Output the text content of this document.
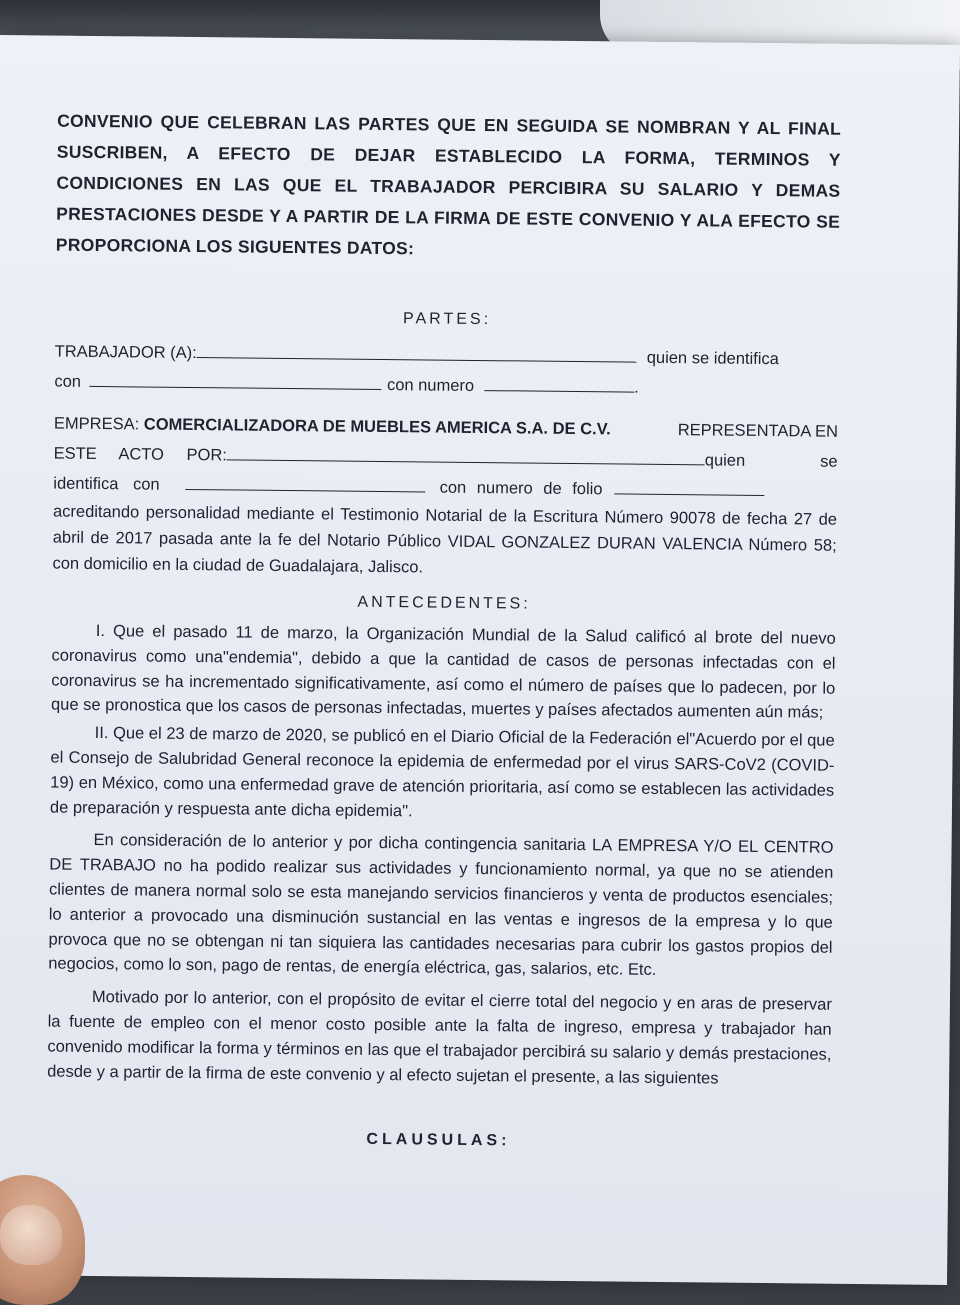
CONVENIO QUE CELEBRAN LAS PARTES QUE EN SEGUIDA SE NOMBRAN Y AL FINAL SUSCRIBEN, A EFECTO DE DEJAR ESTABLECIDO LA FORMA, TERMINOS Y CONDICIONES EN LAS QUE EL TRABAJADOR PERCIBIRA SU SALARIO Y DEMAS PRESTACIONES DESDE Y A PARTIR DE LA FIRMA DE ESTE CONVENIO Y ALA EFECTO SE PROPORCIONA LOS SIGUENTES DATOS:

PARTES:

TRABAJADOR (A):	quien se identifica
con	con numero	.
EMPRESA: COMERCIALIZADORA DE MUEBLES AMERICA S.A. DE C.V.	REPRESENTADA EN
ESTE ACTO POR:	quien	se
identifica con	con numero de folio

acreditando personalidad mediante el Testimonio Notarial de la Escritura Número 90078 de fecha 27 de abril de 2017 pasada ante la fe del Notario Público VIDAL GONZALEZ DURAN VALENCIA Número 58; con domicilio en la ciudad de Guadalajara, Jalisco.

ANTECEDENTES:

I. Que el pasado 11 de marzo, la Organización Mundial de la Salud calificó al brote del nuevo coronavirus como una"endemia", debido a que la cantidad de casos de personas infectadas con el coronavirus se ha incrementado significativamente, así como el número de países que lo padecen, por lo que se pronostica que los casos de personas infectadas, muertes y países afectados aumenten aún más;

II. Que el 23 de marzo de 2020, se publicó en el Diario Oficial de la Federación el"Acuerdo por el que el Consejo de Salubridad General reconoce la epidemia de enfermedad por el virus SARS-CoV2 (COVID-19) en México, como una enfermedad grave de atención prioritaria, así como se establecen las actividades de preparación y respuesta ante dicha epidemia".

En consideración de lo anterior y por dicha contingencia sanitaria LA EMPRESA Y/O EL CENTRO DE TRABAJO no ha podido realizar sus actividades y funcionamiento normal, ya que no se atienden clientes de manera normal solo se esta manejando servicios financieros y venta de productos esenciales; lo anterior a provocado una disminución sustancial en las ventas e ingresos de la empresa y lo que provoca que no se obtengan ni tan siquiera las cantidades necesarias para cubrir los gastos propios del negocios, como lo son, pago de rentas, de energía eléctrica, gas, salarios, etc. Etc.

Motivado por lo anterior, con el propósito de evitar el cierre total del negocio y en aras de preservar la fuente de empleo con el menor costo posible ante la falta de ingreso, empresa y trabajador han convenido modificar la forma y términos en las que el trabajador percibirá su salario y demás prestaciones, desde y a partir de la firma de este convenio y al efecto sujetan el presente, a las siguientes

CLAUSULAS:
